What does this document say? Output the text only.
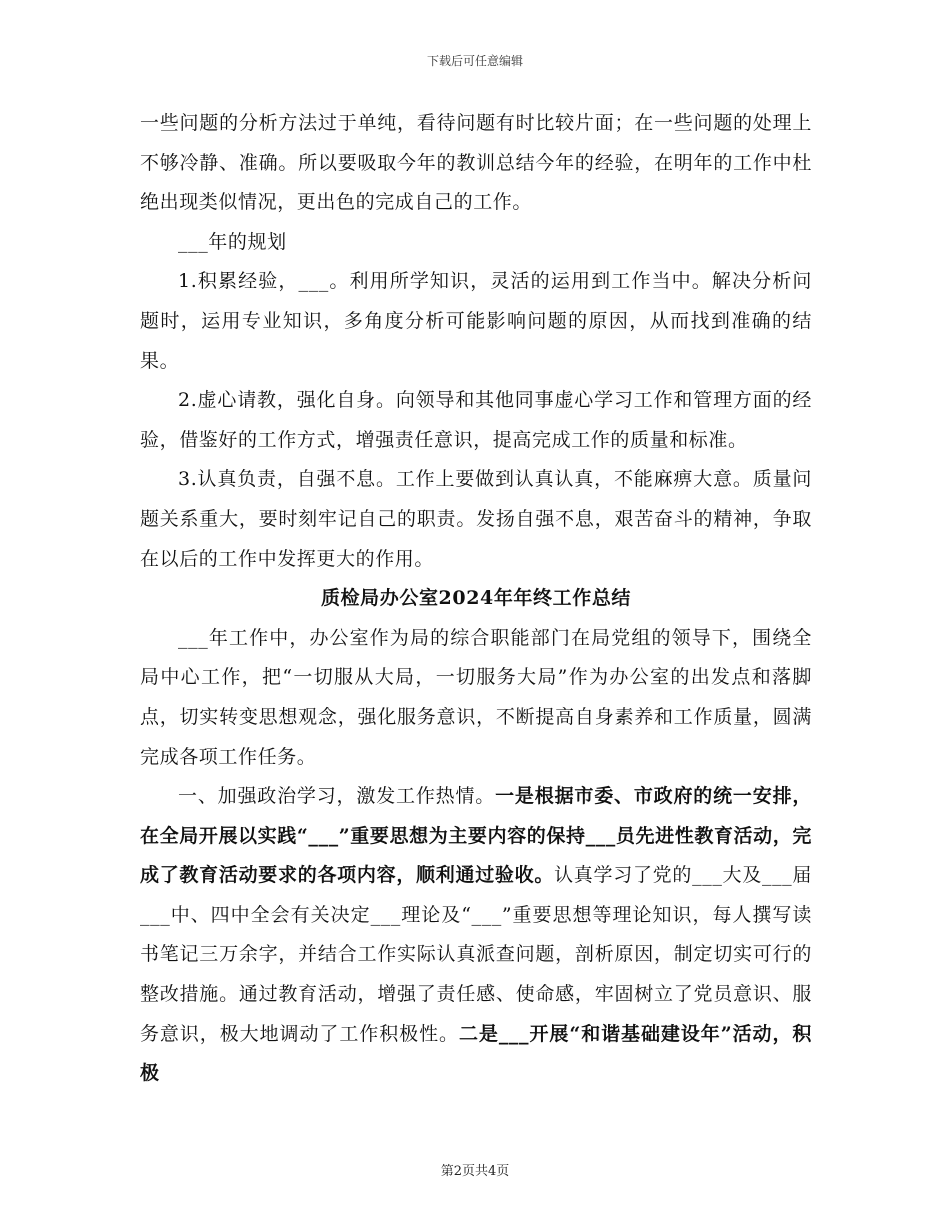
下载后可任意编辑

一些问题的分析方法过于单纯，看待问题有时比较片面；在一些问题的处理上不够冷静、准确。所以要吸取今年的教训总结今年的经验，在明年的工作中杜绝出现类似情况，更出色的完成自己的工作。

___年的规划

1.积累经验，___。利用所学知识，灵活的运用到工作当中。解决分析问题时，运用专业知识，多角度分析可能影响问题的原因，从而找到准确的结果。

2.虚心请教，强化自身。向领导和其他同事虚心学习工作和管理方面的经验，借鉴好的工作方式，增强责任意识，提高完成工作的质量和标准。

3.认真负责，自强不息。工作上要做到认真认真，不能麻痹大意。质量问题关系重大，要时刻牢记自己的职责。发扬自强不息，艰苦奋斗的精神，争取在以后的工作中发挥更大的作用。

质检局办公室2024年年终工作总结

___年工作中，办公室作为局的综合职能部门在局党组的领导下，围绕全局中心工作，把“一切服从大局，一切服务大局”作为办公室的出发点和落脚点，切实转变思想观念，强化服务意识，不断提高自身素养和工作质量，圆满完成各项工作任务。

一、加强政治学习，激发工作热情。一是根据市委、市政府的统一安排，在全局开展以实践“___”重要思想为主要内容的保持___员先进性教育活动，完成了教育活动要求的各项内容，顺利通过验收。认真学习了党的___大及___届___中、四中全会有关决定___理论及“___”重要思想等理论知识，每人撰写读书笔记三万余字，并结合工作实际认真派查问题，剖析原因，制定切实可行的整改措施。通过教育活动，增强了责任感、使命感，牢固树立了党员意识、服务意识，极大地调动了工作积极性。二是___开展“和谐基础建设年”活动，积极

第2页共4页
